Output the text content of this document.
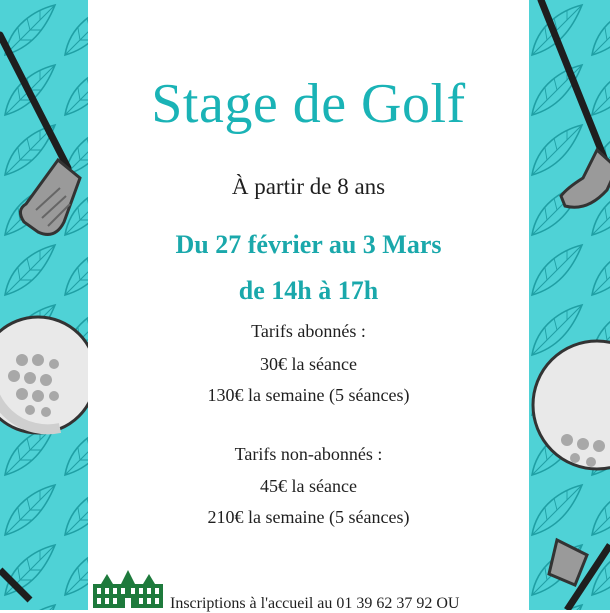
Stage de Golf
À partir de 8 ans
Du 27 février au 3 Mars
de 14h à 17h
Tarifs abonnés :
30€ la séance
130€ la semaine (5 séances)
Tarifs non-abonnés :
45€ la séance
210€ la semaine (5 séances)
Inscriptions à l'accueil au 01 39 62 37 92 OU
